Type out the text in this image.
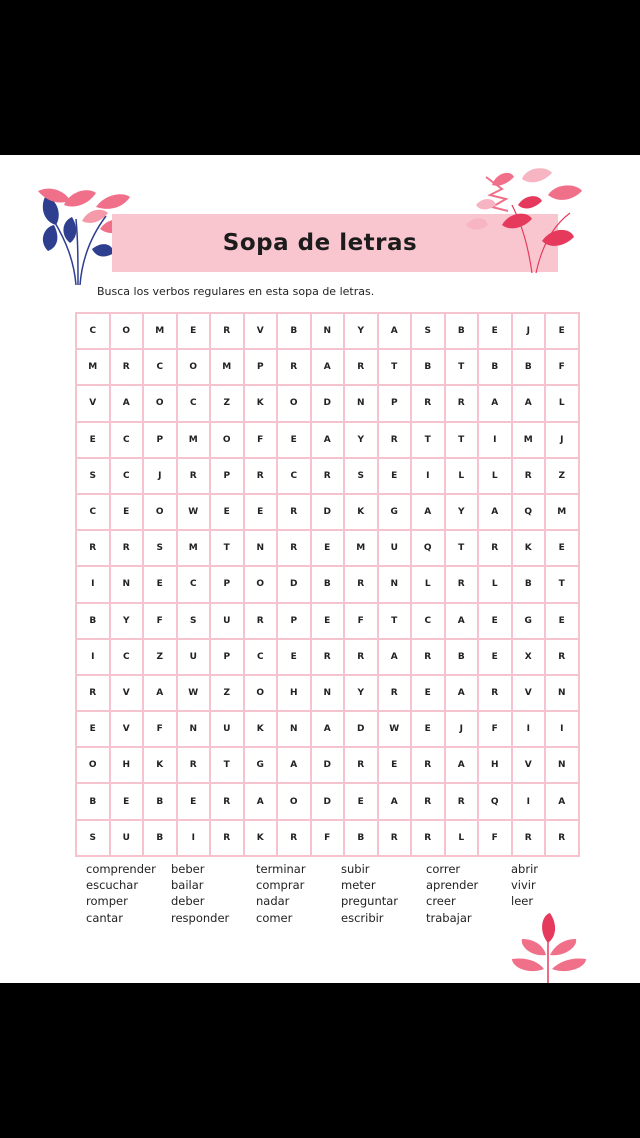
Sopa de letras
Busca los verbos regulares en esta sopa de letras.
C	O	M	E	R	V	B	N	Y	A	S	B	E	J	E
M	R	C	O	M	P	R	A	R	T	B	T	B	B	F
V	A	O	C	Z	K	O	D	N	P	R	R	A	A	L
E	C	P	M	O	F	E	A	Y	R	T	T	I	M	J
S	C	J	R	P	R	C	R	S	E	I	L	L	R	Z
C	E	O	W	E	E	R	D	K	G	A	Y	A	Q	M
R	R	S	M	T	N	R	E	M	U	Q	T	R	K	E
I	N	E	C	P	O	D	B	R	N	L	R	L	B	T
B	Y	F	S	U	R	P	E	F	T	C	A	E	G	E
I	C	Z	U	P	C	E	R	R	A	R	B	E	X	R
R	V	A	W	Z	O	H	N	Y	R	E	A	R	V	N
E	V	F	N	U	K	N	A	D	W	E	J	F	I	I
O	H	K	R	T	G	A	D	R	E	R	A	H	V	N
B	E	B	E	R	A	O	D	E	A	R	R	Q	I	A
S	U	B	I	R	K	R	F	B	R	R	L	F	R	R
comprender
escuchar
romper
cantar
beber
bailar
deber
responder
terminar
comprar
nadar
comer
subir
meter
preguntar
escribir
correr
aprender
creer
trabajar
abrir
vivir
leer
